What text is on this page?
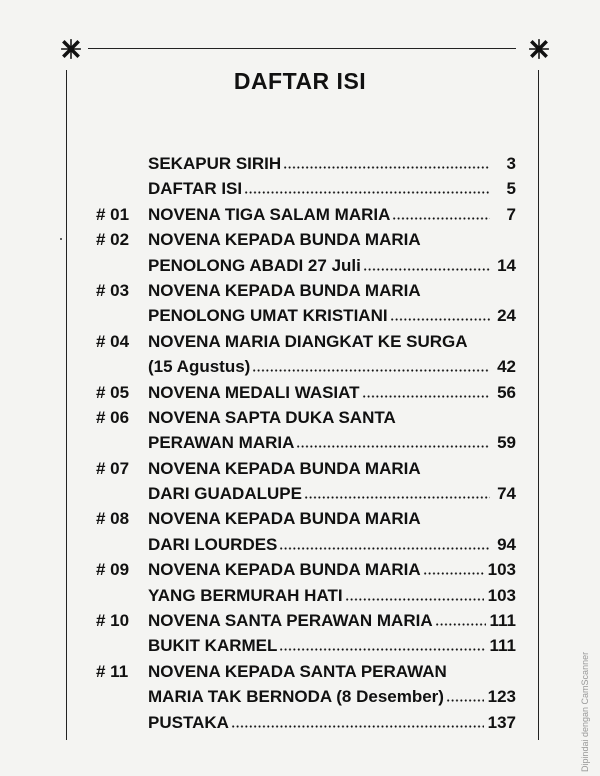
DAFTAR ISI
SEKAPUR SIRIH	3
DAFTAR ISI	5
# 01	NOVENA TIGA SALAM MARIA	7
# 02	NOVENA KEPADA BUNDA MARIA
PENOLONG ABADI 27 Juli	14
# 03	NOVENA KEPADA BUNDA MARIA
PENOLONG UMAT KRISTIANI	24
# 04	NOVENA MARIA DIANGKAT KE SURGA
(15 Agustus)	42
# 05	NOVENA MEDALI WASIAT	56
# 06	NOVENA SAPTA DUKA SANTA
PERAWAN MARIA	59
# 07	NOVENA KEPADA BUNDA MARIA
DARI GUADALUPE	74
# 08	NOVENA KEPADA BUNDA MARIA
DARI LOURDES	94
# 09	NOVENA KEPADA BUNDA MARIA	103
YANG BERMURAH HATI	103
# 10	NOVENA SANTA PERAWAN MARIA	111
BUKIT KARMEL	111
# 11	NOVENA KEPADA SANTA PERAWAN
MARIA TAK BERNODA (8 Desember)	123
PUSTAKA	137	Dipindai dengan CamScanner
